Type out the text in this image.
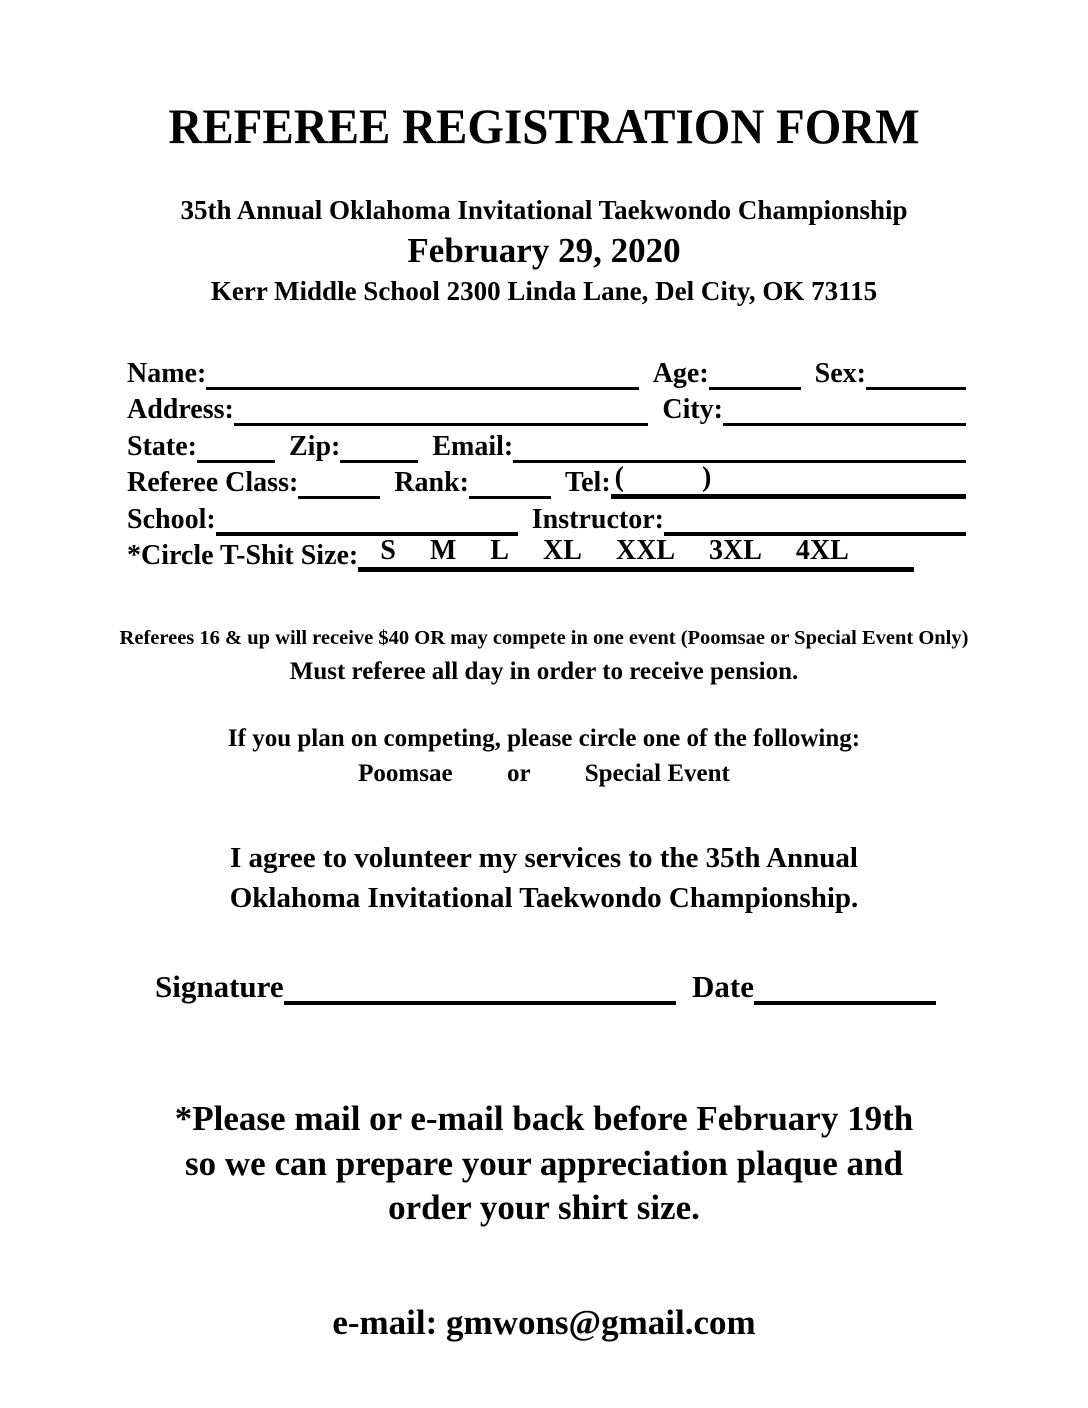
REFEREE REGISTRATION FORM
35th Annual Oklahoma Invitational Taekwondo Championship
February 29, 2020
Kerr Middle School 2300 Linda Lane, Del City, OK 73115
Name:	Age:	Sex:
Address:	City:
State:	Zip:	Email:
Referee Class:	Rank:	Tel: (	)
School:	Instructor:
*Circle T-Shit Size: S M L XL XXL 3XL 4XL
Referees 16 & up will receive $40 OR may compete in one event (Poomsae or Special Event Only)
Must referee all day in order to receive pension.
If you plan on competing, please circle one of the following:
Poomsae or Special Event
I agree to volunteer my services to the 35th Annual
Oklahoma Invitational Taekwondo Championship.
Signature	Date
*Please mail or e-mail back before February 19th
so we can prepare your appreciation plaque and
order your shirt size.
e-mail: gmwons@gmail.com
